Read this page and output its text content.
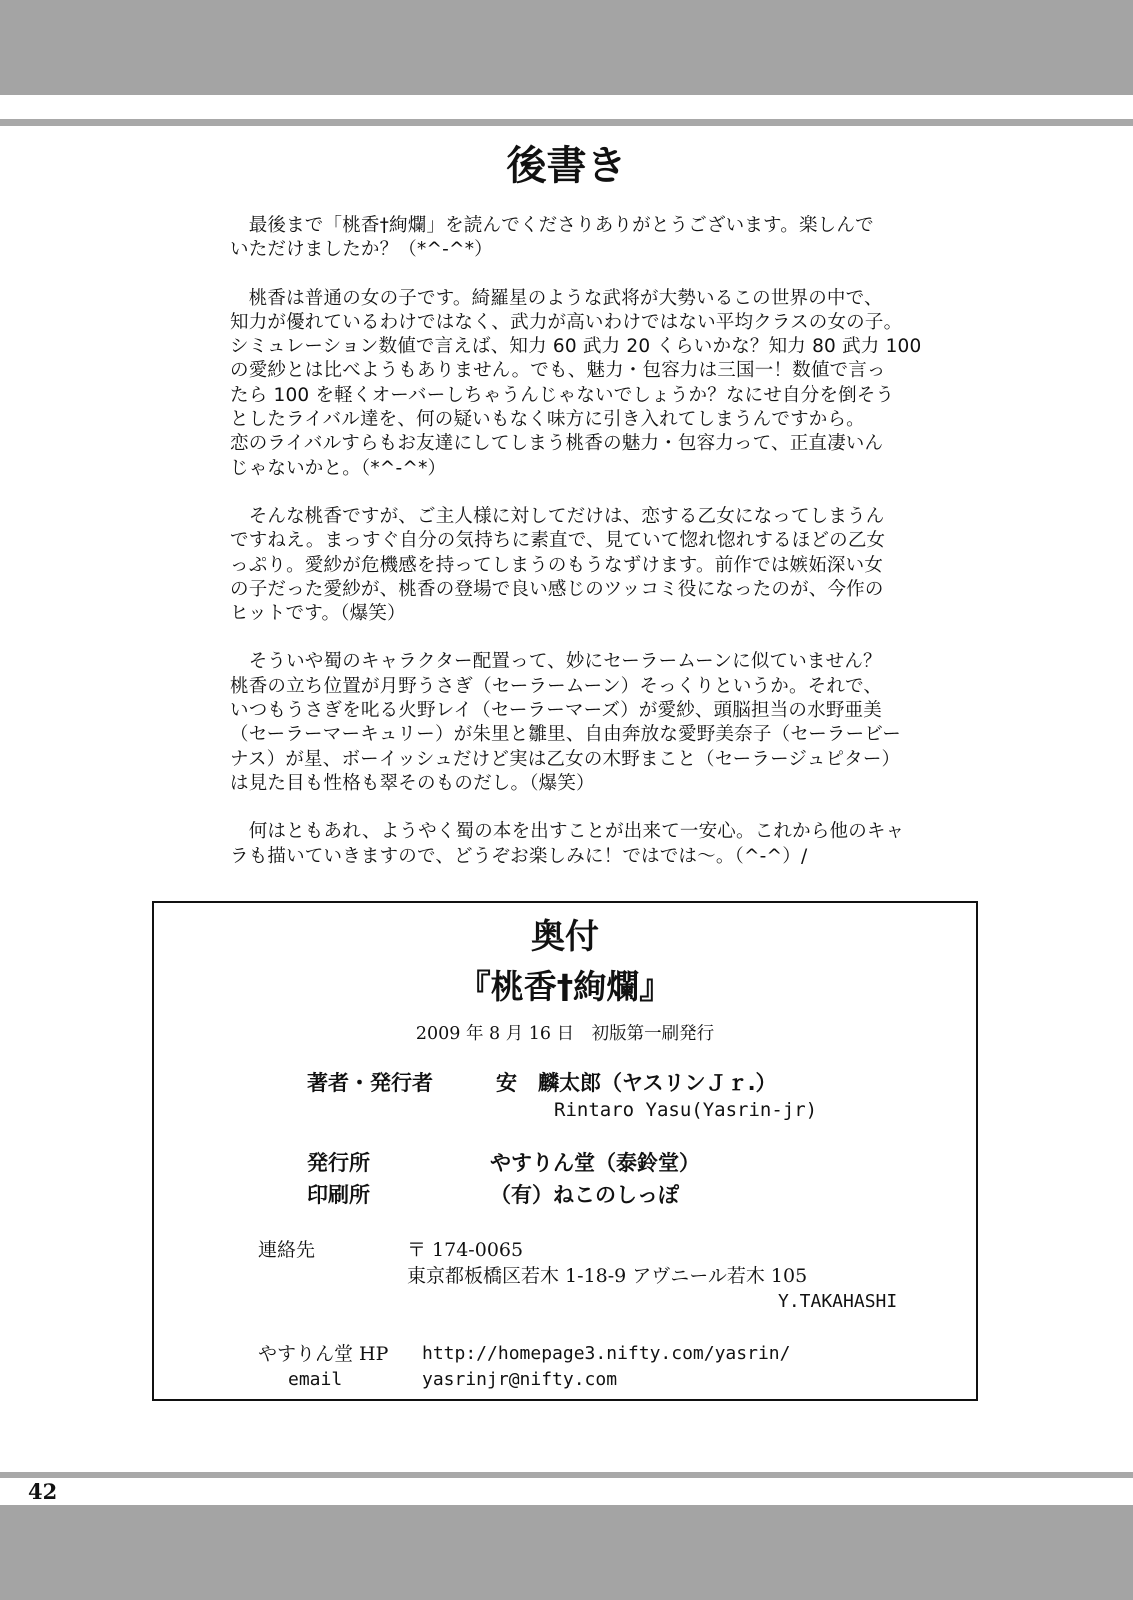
後書き
　最後まで「桃香†絢爛」を読んでくださりありがとうございます。楽しんで
いただけましたか？（*^-^*）
　桃香は普通の女の子です。綺羅星のような武将が大勢いるこの世界の中で、
知力が優れているわけではなく、武力が高いわけではない平均クラスの女の子。
シミュレーション数値で言えば、知力 60 武力 20 くらいかな？知力 80 武力 100
の愛紗とは比べようもありません。でも、魅力・包容力は三国一！数値で言っ
たら 100 を軽くオーバーしちゃうんじゃないでしょうか？なにせ自分を倒そう
としたライバル達を、何の疑いもなく味方に引き入れてしまうんですから。
恋のライバルすらもお友達にしてしまう桃香の魅力・包容力って、正直凄いん
じゃないかと。（*^-^*）
　そんな桃香ですが、ご主人様に対してだけは、恋する乙女になってしまうん
ですねえ。まっすぐ自分の気持ちに素直で、見ていて惚れ惚れするほどの乙女
っぷり。愛紗が危機感を持ってしまうのもうなずけます。前作では嫉妬深い女
の子だった愛紗が、桃香の登場で良い感じのツッコミ役になったのが、今作の
ヒットです。（爆笑）
　そういや蜀のキャラクター配置って、妙にセーラームーンに似ていません？
桃香の立ち位置が月野うさぎ（セーラームーン）そっくりというか。それで、
いつもうさぎを叱る火野レイ（セーラーマーズ）が愛紗、頭脳担当の水野亜美
（セーラーマーキュリー）が朱里と雛里、自由奔放な愛野美奈子（セーラービー
ナス）が星、ボーイッシュだけど実は乙女の木野まこと（セーラージュピター）
は見た目も性格も翠そのものだし。（爆笑）
　何はともあれ、ようやく蜀の本を出すことが出来て一安心。これから他のキャ
ラも描いていきますので、どうぞお楽しみに！ではでは～。（^-^）/
奥付
『桃香†絢爛』
2009 年 8 月 16 日　初版第一刷発行
著者・発行者	安　麟太郎（ヤスリンＪｒ.）
Rintaro Yasu(Yasrin-jr)
発行所	やすりん堂（泰鈴堂）
印刷所	（有）ねこのしっぽ
連絡先	〒 174-0065
東京都板橋区若木 1-18-9 アヴニール若木 105
Y.TAKAHASHI
やすりん堂 HP http://homepage3.nifty.com/yasrin/
email	yasrinjr@nifty.com
42
